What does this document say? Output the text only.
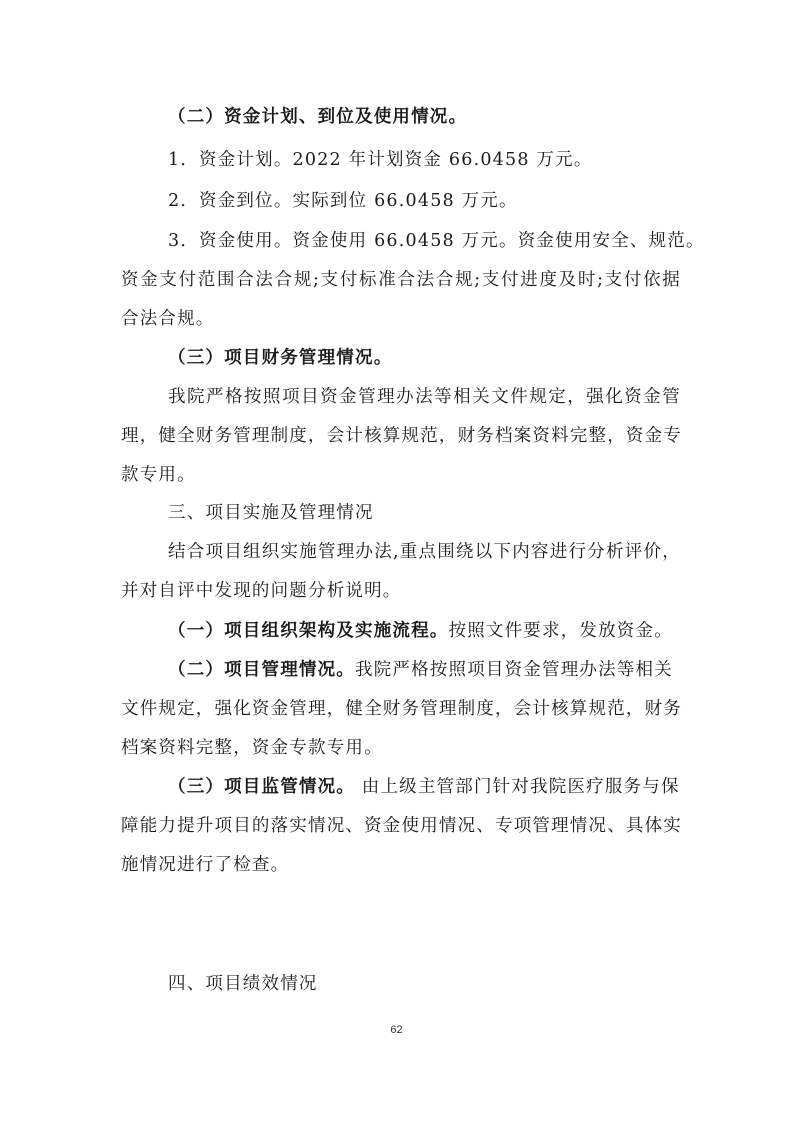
（二）资金计划、到位及使用情况。
1．资金计划。2022 年计划资金 66.0458 万元。
2．资金到位。实际到位 66.0458 万元。
3．资金使用。资金使用 66.0458 万元。资金使用安全、规范。
资金支付范围合法合规;支付标准合法合规;支付进度及时;支付依据
合法合规。
（三）项目财务管理情况。
我院严格按照项目资金管理办法等相关文件规定，强化资金管
理，健全财务管理制度，会计核算规范，财务档案资料完整，资金专
款专用。
三、项目实施及管理情况
结合项目组织实施管理办法,重点围绕以下内容进行分析评价，
并对自评中发现的问题分析说明。
（一）项目组织架构及实施流程。按照文件要求，发放资金。
（二）项目管理情况。我院严格按照项目资金管理办法等相关
文件规定，强化资金管理，健全财务管理制度，会计核算规范，财务
档案资料完整，资金专款专用。
（三）项目监管情况。 由上级主管部门针对我院医疗服务与保
障能力提升项目的落实情况、资金使用情况、专项管理情况、具体实
施情况进行了检查。
四、项目绩效情况
62
